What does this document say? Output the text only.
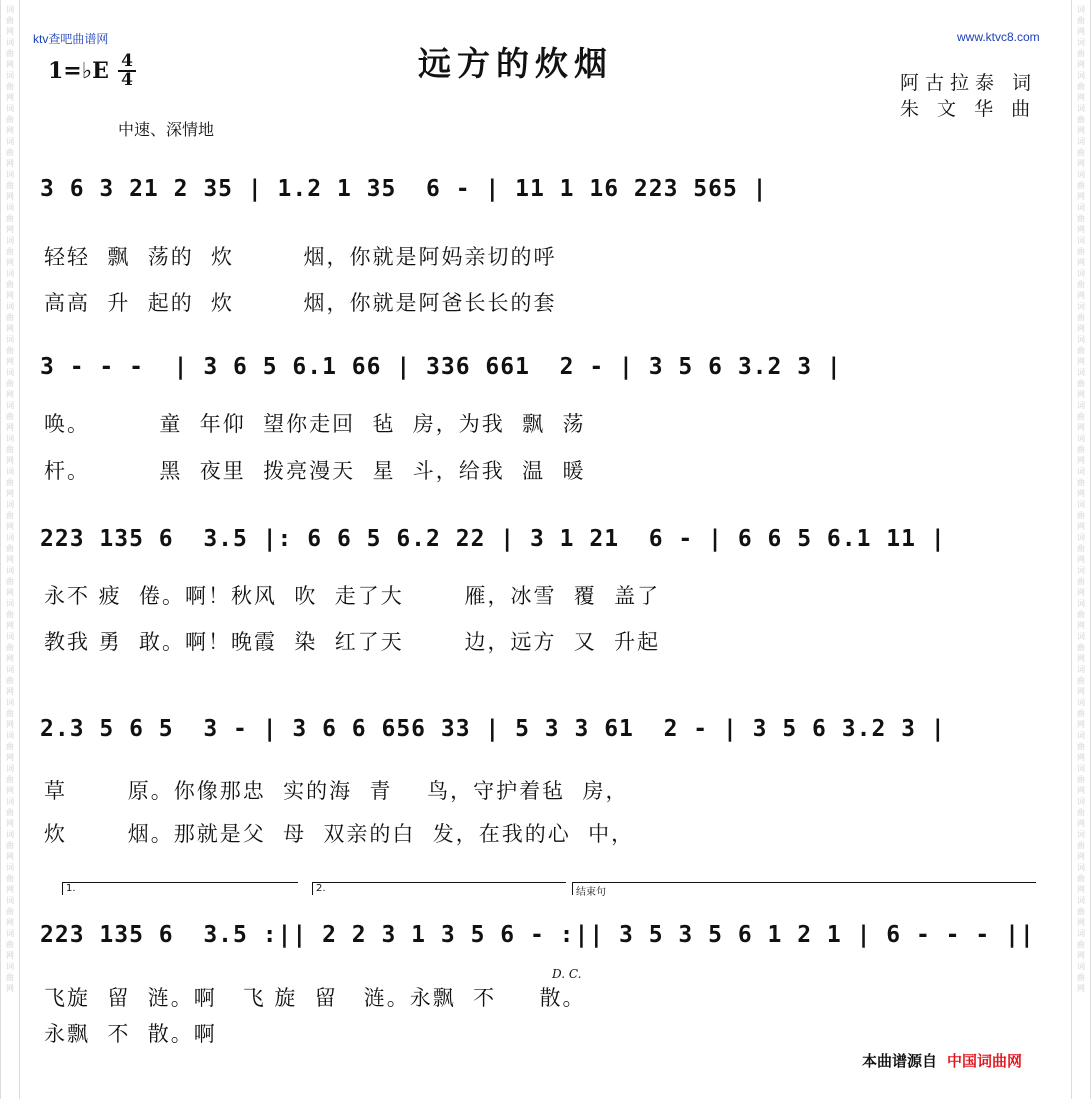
词
曲
网
词
曲
网
词
曲
网
词
曲
网
词
曲
网
词
曲
网
词
曲
网
词
曲
网
词
曲
网
词
曲
网
词
曲
网
词
曲
网
词
曲
网
词
曲
网
词
曲
网
词
曲
网
词
曲
网
词
曲
网
词
曲
网
词
曲
网
词
曲
网
词
曲
网
词
曲
网
词
曲
网
词
曲
网
词
曲
网
词
曲
网
词
曲
网
词
曲
网
词
曲
网
词
曲
网
词
曲
网
词
曲
网
词
曲
网
词
曲
网
词
曲
网
词
曲
网
词
曲
网
词
曲
网
词
曲
网
词
曲
网
词
曲
网
词
曲
网
词
曲
网
词
曲
网
词
曲
网
词
曲
网
词
曲
网
词
曲
网
词
曲
网
词
曲
网
词
曲
网
词
曲
网
词
曲
网
词
曲
网
词
曲
网
词
曲
网
词
曲
网
词
曲
网
词
曲
网
ktv查吧曲谱网	www.ktvc8.com
远方的炊烟
1=♭E 4
4	阿古拉泰 词
朱 文 华 曲
中速、深情地
3 6 3 21 2 35 | 1.2 1 35  6 - | 11 1 16 223 565 |
轻轻  飘  荡的  炊        烟，你就是阿妈亲切的呼
高高  升  起的  炊        烟，你就是阿爸长长的套
3 - - -  | 3 6 5 6.1 66 | 336 661  2 - | 3 5 6 3.2 3 |
唤。        童  年仰  望你走回  毡  房，为我  飘  荡
杆。        黑  夜里  拨亮漫天  星  斗，给我  温  暖
223 135 6  3.5 |: 6 6 5 6.2 22 | 3 1 21  6 - | 6 6 5 6.1 11 |
永不 疲  倦。啊！秋风  吹  走了大       雁，冰雪  覆  盖了
教我 勇  敢。啊！晚霞  染  红了天       边，远方  又  升起
2.3 5 6 5  3 - | 3 6 6 656 33 | 5 3 3 61  2 - | 3 5 6 3.2 3 |
草       原。你像那忠  实的海  青    鸟，守护着毡  房，
炊       烟。那就是父  母  双亲的白  发，在我的心  中，
1.	2.	结束句
223 135 6  3.5 :|| 2 2 3 1 3 5 6 - :|| 3 5 3 5 6 1 2 1 | 6 - - - ||
D. C.
飞旋  留  涟。啊   飞 旋  留   涟。永飘  不     散。
永飘  不  散。啊
本曲谱源自 中国词曲网
